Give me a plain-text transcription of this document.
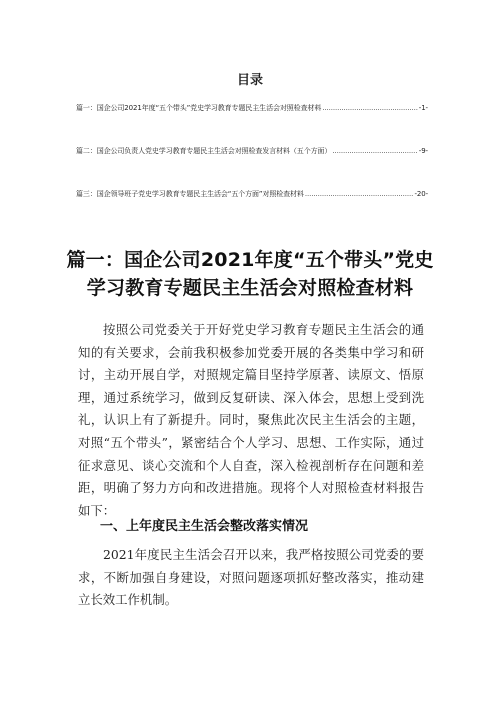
目录
篇一：国企公司2021年度“五个带头”党史学习教育专题民主生活会对照检查材料 .....	-1-
篇二：国企公司负责人党史学习教育专题民主生活会对照检查发言材料（五个方面） .....	-9-
篇三：国企领导班子党史学习教育专题民主生活会“五个方面”对照检查材料 .....	-20-
篇一：国企公司2021年度“五个带头”党史
学习教育专题民主生活会对照检查材料

按照公司党委关于开好党史学习教育专题民主生活会的通知的有关要求，会前我积极参加党委开展的各类集中学习和研讨，主动开展自学，对照规定篇目坚持学原著、读原文、悟原理，通过系统学习，做到反复研读、深入体会，思想上受到洗礼，认识上有了新提升。同时，聚焦此次民主生活会的主题，对照“五个带头”，紧密结合个人学习、思想、工作实际，通过征求意见、谈心交流和个人自查，深入检视剖析存在问题和差距，明确了努力方向和改进措施。现将个人对照检查材料报告如下：

一、上年度民主生活会整改落实情况

2021年度民主生活会召开以来，我严格按照公司党委的要求，不断加强自身建设，对照问题逐项抓好整改落实，推动建立长效工作机制。
